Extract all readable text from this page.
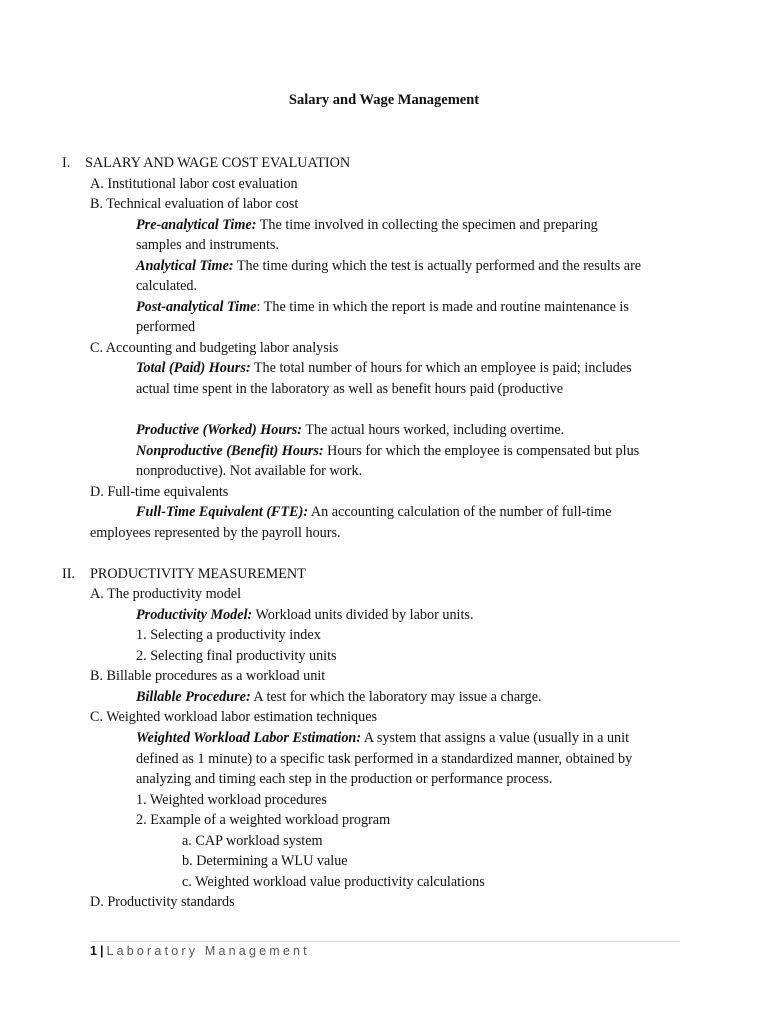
Salary and Wage Management
I. SALARY AND WAGE COST EVALUATION
A. Institutional labor cost evaluation
B. Technical evaluation of labor cost
Pre-analytical Time: The time involved in collecting the specimen and preparing
samples and instruments.
Analytical Time: The time during which the test is actually performed and the results are
calculated.
Post-analytical Time: The time in which the report is made and routine maintenance is
performed
C. Accounting and budgeting labor analysis
Total (Paid) Hours: The total number of hours for which an employee is paid; includes
actual time spent in the laboratory as well as benefit hours paid (productive
Productive (Worked) Hours: The actual hours worked, including overtime.
Nonproductive (Benefit) Hours: Hours for which the employee is compensated but plus
nonproductive). Not available for work.
D. Full-time equivalents
Full-Time Equivalent (FTE): An accounting calculation of the number of full-time
employees represented by the payroll hours.
II. PRODUCTIVITY MEASUREMENT
A. The productivity model
Productivity Model: Workload units divided by labor units.
1. Selecting a productivity index
2. Selecting final productivity units
B. Billable procedures as a workload unit
Billable Procedure: A test for which the laboratory may issue a charge.
C. Weighted workload labor estimation techniques
Weighted Workload Labor Estimation: A system that assigns a value (usually in a unit
defined as 1 minute) to a specific task performed in a standardized manner, obtained by
analyzing and timing each step in the production or performance process.
1. Weighted workload procedures
2. Example of a weighted workload program
a. CAP workload system
b. Determining a WLU value
c. Weighted workload value productivity calculations
D. Productivity standards
1 | Laboratory Management
